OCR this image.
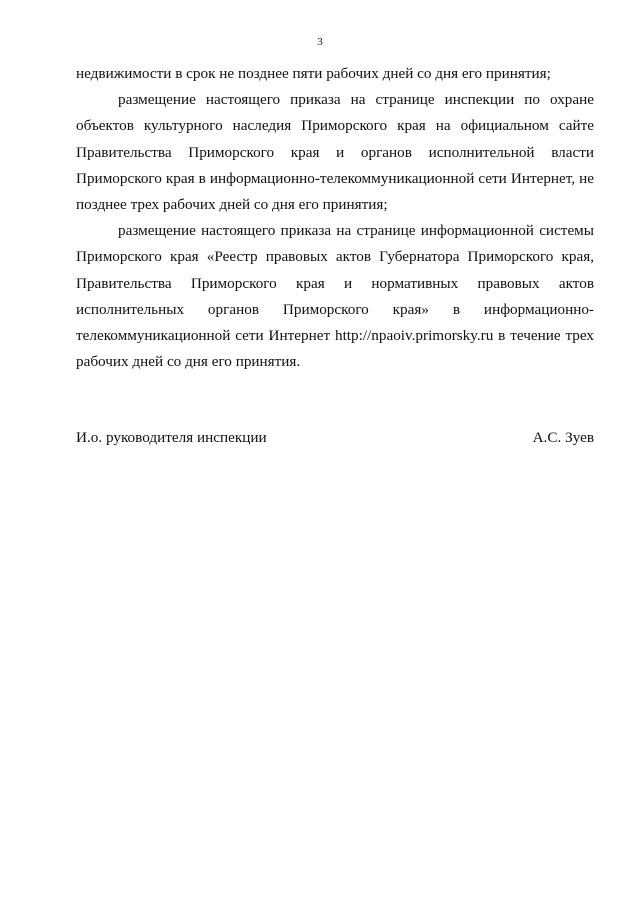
3

недвижимости в срок не позднее пяти рабочих дней со дня его принятия;

размещение настоящего приказа на странице инспекции по охране объектов культурного наследия Приморского края на официальном сайте Правительства Приморского края и органов исполнительной власти Приморского края в информационно-телекоммуникационной сети Интернет, не позднее трех рабочих дней со дня его принятия;

размещение настоящего приказа на странице информационной системы Приморского края «Реестр правовых актов Губернатора Приморского края, Правительства Приморского края и нормативных правовых актов исполнительных органов Приморского края» в информационно-телекоммуникационной сети Интернет http://npaoiv.primorsky.ru в течение трех рабочих дней со дня его принятия.

И.о. руководителя инспекции	А.С. Зуев
